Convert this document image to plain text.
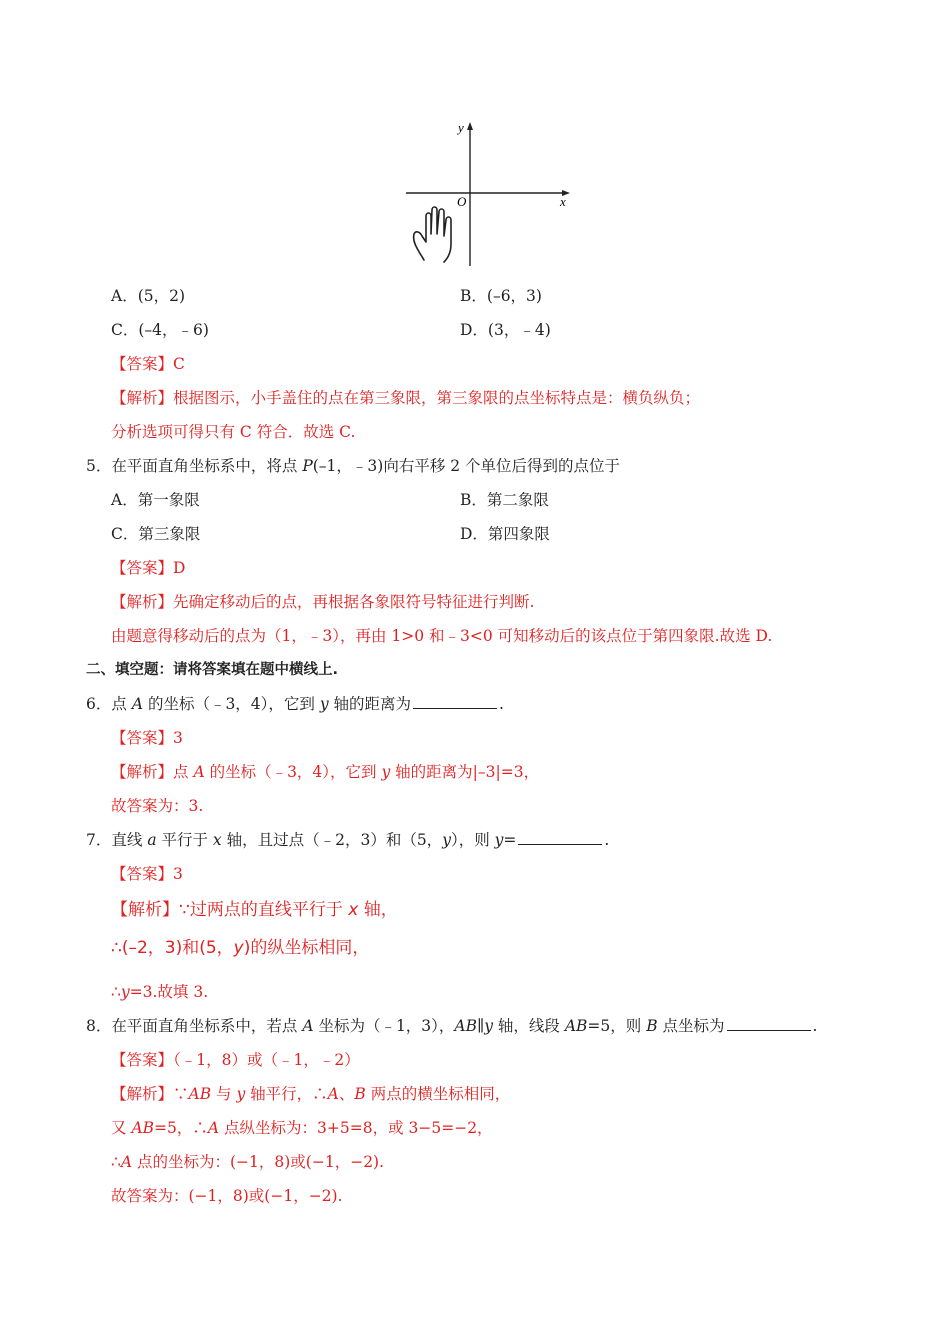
y
x
O
A．(5，2)	B．(–6，3)
C．(–4，﹣6)	D．(3，﹣4)
【答案】C
【解析】根据图示，小手盖住的点在第三象限，第三象限的点坐标特点是：横负纵负；
分析选项可得只有 C 符合．故选 C.
5．在平面直角坐标系中，将点 P(–1，﹣3)向右平移 2 个单位后得到的点位于
A．第一象限	B．第二象限
C．第三象限	D．第四象限
【答案】D
【解析】先确定移动后的点，再根据各象限符号特征进行判断.
由题意得移动后的点为（1，﹣3），再由 1>0 和﹣3<0 可知移动后的该点位于第四象限.故选 D.
二、填空题：请将答案填在题中横线上.
6．点 A 的坐标（﹣3，4），它到 y 轴的距离为	.
【答案】3
【解析】点 A 的坐标（﹣3，4），它到 y 轴的距离为|–3|=3，
故答案为：3.
7．直线 a 平行于 x 轴，且过点（﹣2，3）和（5，y），则 y=	.
【答案】3
【解析】∵过两点的直线平行于 x 轴，
∴(–2，3)和(5，y)的纵坐标相同，
∴y=3.故填 3.
8．在平面直角坐标系中，若点 A 坐标为（﹣1，3），AB∥y 轴，线段 AB=5，则 B 点坐标为	.
【答案】（﹣1，8）或（﹣1，﹣2）
【解析】∵AB 与 y 轴平行，∴A、B 两点的横坐标相同，
又 AB=5，∴A 点纵坐标为：3+5=8，或 3−5=−2，
∴A 点的坐标为：(−1，8)或(−1，−2).
故答案为：(−1，8)或(−1，−2).
